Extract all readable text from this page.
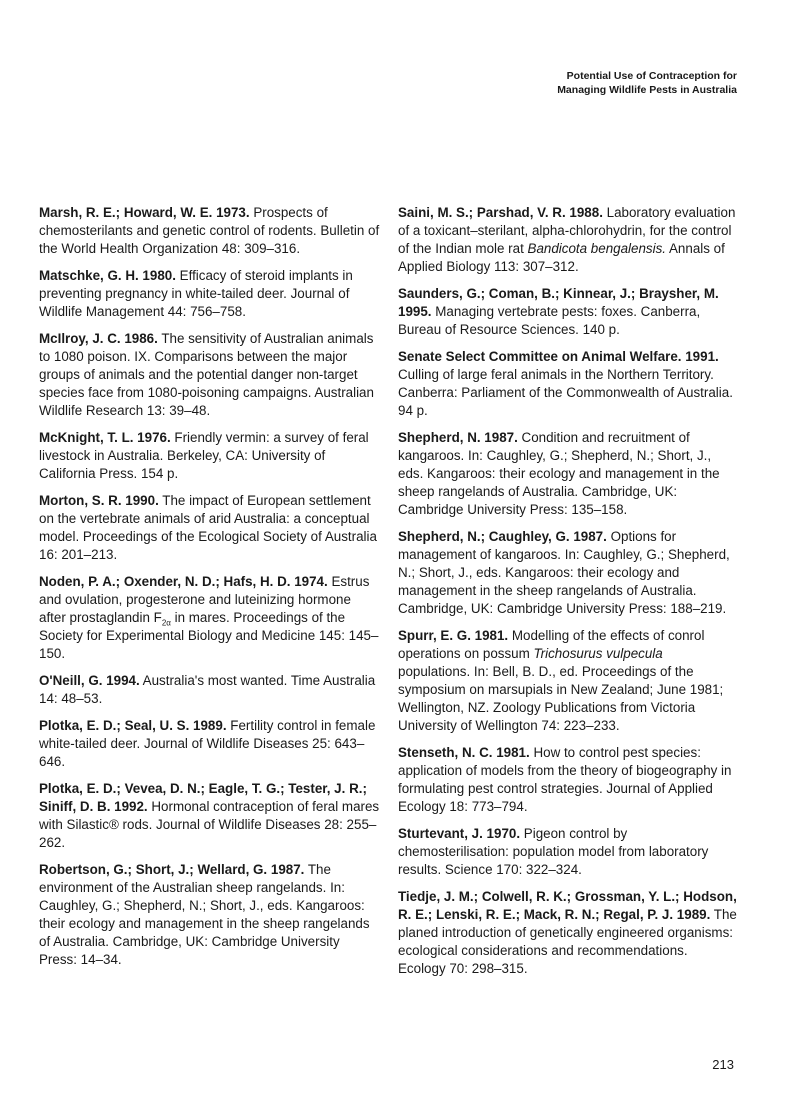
Potential Use of Contraception for
Managing Wildlife Pests in Australia

Marsh, R. E.; Howard, W. E. 1973. Prospects of chemosterilants and genetic control of rodents. Bulletin of the World Health Organization 48: 309–316.

Matschke, G. H. 1980. Efficacy of steroid implants in preventing pregnancy in white-tailed deer. Journal of Wildlife Management 44: 756–758.

McIlroy, J. C. 1986. The sensitivity of Australian animals to 1080 poison. IX. Comparisons between the major groups of animals and the potential danger non-target species face from 1080-poisoning campaigns. Australian Wildlife Research 13: 39–48.

McKnight, T. L. 1976. Friendly vermin: a survey of feral livestock in Australia. Berkeley, CA: University of California Press. 154 p.

Morton, S. R. 1990. The impact of European settlement on the vertebrate animals of arid Australia: a conceptual model. Proceedings of the Ecological Society of Australia 16: 201–213.

Noden, P. A.; Oxender, N. D.; Hafs, H. D. 1974. Estrus and ovulation, progesterone and luteinizing hormone after prostaglandin $F_{2\alpha}$ in mares. Proceedings of the Society for Experimental Biology and Medicine 145: 145–150.

O'Neill, G. 1994. Australia's most wanted. Time Australia 14: 48–53.

Plotka, E. D.; Seal, U. S. 1989. Fertility control in female white-tailed deer. Journal of Wildlife Diseases 25: 643–646.

Plotka, E. D.; Vevea, D. N.; Eagle, T. G.; Tester, J. R.; Siniff, D. B. 1992. Hormonal contraception of feral mares with Silastic® rods. Journal of Wildlife Diseases 28: 255–262.

Robertson, G.; Short, J.; Wellard, G. 1987. The environment of the Australian sheep rangelands. In: Caughley, G.; Shepherd, N.; Short, J., eds. Kangaroos: their ecology and management in the sheep rangelands of Australia. Cambridge, UK: Cambridge University Press: 14–34.

Saini, M. S.; Parshad, V. R. 1988. Laboratory evaluation of a toxicant–sterilant, alpha-chlorohydrin, for the control of the Indian mole rat Bandicota bengalensis. Annals of Applied Biology 113: 307–312.

Saunders, G.; Coman, B.; Kinnear, J.; Braysher, M. 1995. Managing vertebrate pests: foxes. Canberra, Bureau of Resource Sciences. 140 p.

Senate Select Committee on Animal Welfare. 1991. Culling of large feral animals in the Northern Territory. Canberra: Parliament of the Commonwealth of Australia. 94 p.

Shepherd, N. 1987. Condition and recruitment of kangaroos. In: Caughley, G.; Shepherd, N.; Short, J., eds. Kangaroos: their ecology and management in the sheep rangelands of Australia. Cambridge, UK: Cambridge University Press: 135–158.

Shepherd, N.; Caughley, G. 1987. Options for management of kangaroos. In: Caughley, G.; Shepherd, N.; Short, J., eds. Kangaroos: their ecology and management in the sheep rangelands of Australia. Cambridge, UK: Cambridge University Press: 188–219.

Spurr, E. G. 1981. Modelling of the effects of conrol operations on possum Trichosurus vulpecula populations. In: Bell, B. D., ed. Proceedings of the symposium on marsupials in New Zealand; June 1981; Wellington, NZ. Zoology Publications from Victoria University of Wellington 74: 223–233.

Stenseth, N. C. 1981. How to control pest species: application of models from the theory of biogeography in formulating pest control strategies. Journal of Applied Ecology 18: 773–794.

Sturtevant, J. 1970. Pigeon control by chemosterilisation: population model from laboratory results. Science 170: 322–324.

Tiedje, J. M.; Colwell, R. K.; Grossman, Y. L.; Hodson, R. E.; Lenski, R. E.; Mack, R. N.; Regal, P. J. 1989. The planed introduction of genetically engineered organisms: ecological considerations and recommendations. Ecology 70: 298–315.

213
